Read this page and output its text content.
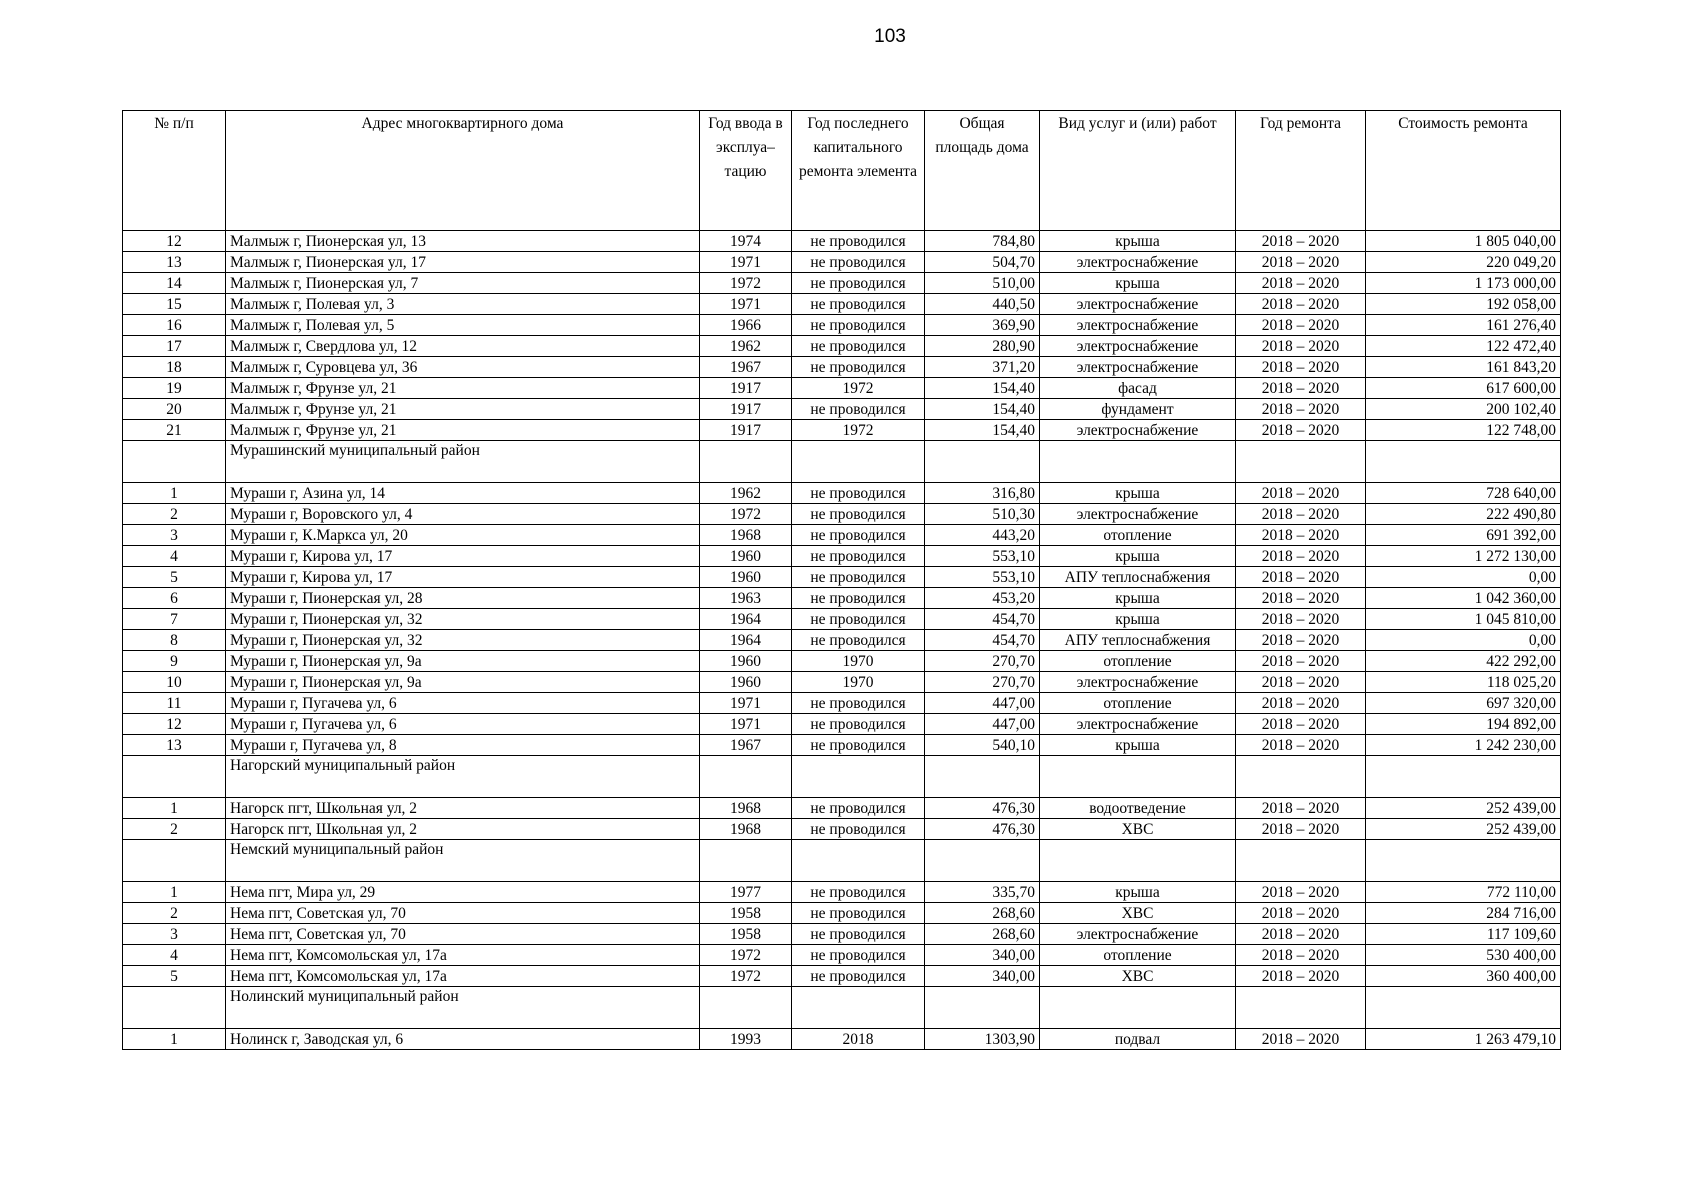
103
№ п/п	Адрес многоквартирного дома	Год ввода в эксплуа–тацию	Год последнего капитального ремонта элемента	Общая площадь дома	Вид услуг и (или) работ	Год ремонта	Стоимость ремонта
12	Малмыж г, Пионерская ул, 13	1974	не проводился	784,80	крыша	2018 – 2020	1 805 040,00
13	Малмыж г, Пионерская ул, 17	1971	не проводился	504,70	электроснабжение	2018 – 2020	220 049,20
14	Малмыж г, Пионерская ул, 7	1972	не проводился	510,00	крыша	2018 – 2020	1 173 000,00
15	Малмыж г, Полевая ул, 3	1971	не проводился	440,50	электроснабжение	2018 – 2020	192 058,00
16	Малмыж г, Полевая ул, 5	1966	не проводился	369,90	электроснабжение	2018 – 2020	161 276,40
17	Малмыж г, Свердлова ул, 12	1962	не проводился	280,90	электроснабжение	2018 – 2020	122 472,40
18	Малмыж г, Суровцева ул, 36	1967	не проводился	371,20	электроснабжение	2018 – 2020	161 843,20
19	Малмыж г, Фрунзе ул, 21	1917	1972	154,40	фасад	2018 – 2020	617 600,00
20	Малмыж г, Фрунзе ул, 21	1917	не проводился	154,40	фундамент	2018 – 2020	200 102,40
21	Малмыж г, Фрунзе ул, 21	1917	1972	154,40	электроснабжение	2018 – 2020	122 748,00
	Мурашинский муниципальный район						
1	Мураши г, Азина ул, 14	1962	не проводился	316,80	крыша	2018 – 2020	728 640,00
2	Мураши г, Воровского ул, 4	1972	не проводился	510,30	электроснабжение	2018 – 2020	222 490,80
3	Мураши г, К.Маркса ул, 20	1968	не проводился	443,20	отопление	2018 – 2020	691 392,00
4	Мураши г, Кирова ул, 17	1960	не проводился	553,10	крыша	2018 – 2020	1 272 130,00
5	Мураши г, Кирова ул, 17	1960	не проводился	553,10	АПУ теплоснабжения	2018 – 2020	0,00
6	Мураши г, Пионерская ул, 28	1963	не проводился	453,20	крыша	2018 – 2020	1 042 360,00
7	Мураши г, Пионерская ул, 32	1964	не проводился	454,70	крыша	2018 – 2020	1 045 810,00
8	Мураши г, Пионерская ул, 32	1964	не проводился	454,70	АПУ теплоснабжения	2018 – 2020	0,00
9	Мураши г, Пионерская ул, 9а	1960	1970	270,70	отопление	2018 – 2020	422 292,00
10	Мураши г, Пионерская ул, 9а	1960	1970	270,70	электроснабжение	2018 – 2020	118 025,20
11	Мураши г, Пугачева ул, 6	1971	не проводился	447,00	отопление	2018 – 2020	697 320,00
12	Мураши г, Пугачева ул, 6	1971	не проводился	447,00	электроснабжение	2018 – 2020	194 892,00
13	Мураши г, Пугачева ул, 8	1967	не проводился	540,10	крыша	2018 – 2020	1 242 230,00
	Нагорский муниципальный район						
1	Нагорск пгт, Школьная ул, 2	1968	не проводился	476,30	водоотведение	2018 – 2020	252 439,00
2	Нагорск пгт, Школьная ул, 2	1968	не проводился	476,30	ХВС	2018 – 2020	252 439,00
	Немский муниципальный район						
1	Нема пгт, Мира ул, 29	1977	не проводился	335,70	крыша	2018 – 2020	772 110,00
2	Нема пгт, Советская ул, 70	1958	не проводился	268,60	ХВС	2018 – 2020	284 716,00
3	Нема пгт, Советская ул, 70	1958	не проводился	268,60	электроснабжение	2018 – 2020	117 109,60
4	Нема пгт, Комсомольская ул, 17а	1972	не проводился	340,00	отопление	2018 – 2020	530 400,00
5	Нема пгт, Комсомольская ул, 17а	1972	не проводился	340,00	ХВС	2018 – 2020	360 400,00
	Нолинский муниципальный район						
1	Нолинск г, Заводская ул, 6	1993	2018	1303,90	подвал	2018 – 2020	1 263 479,10
